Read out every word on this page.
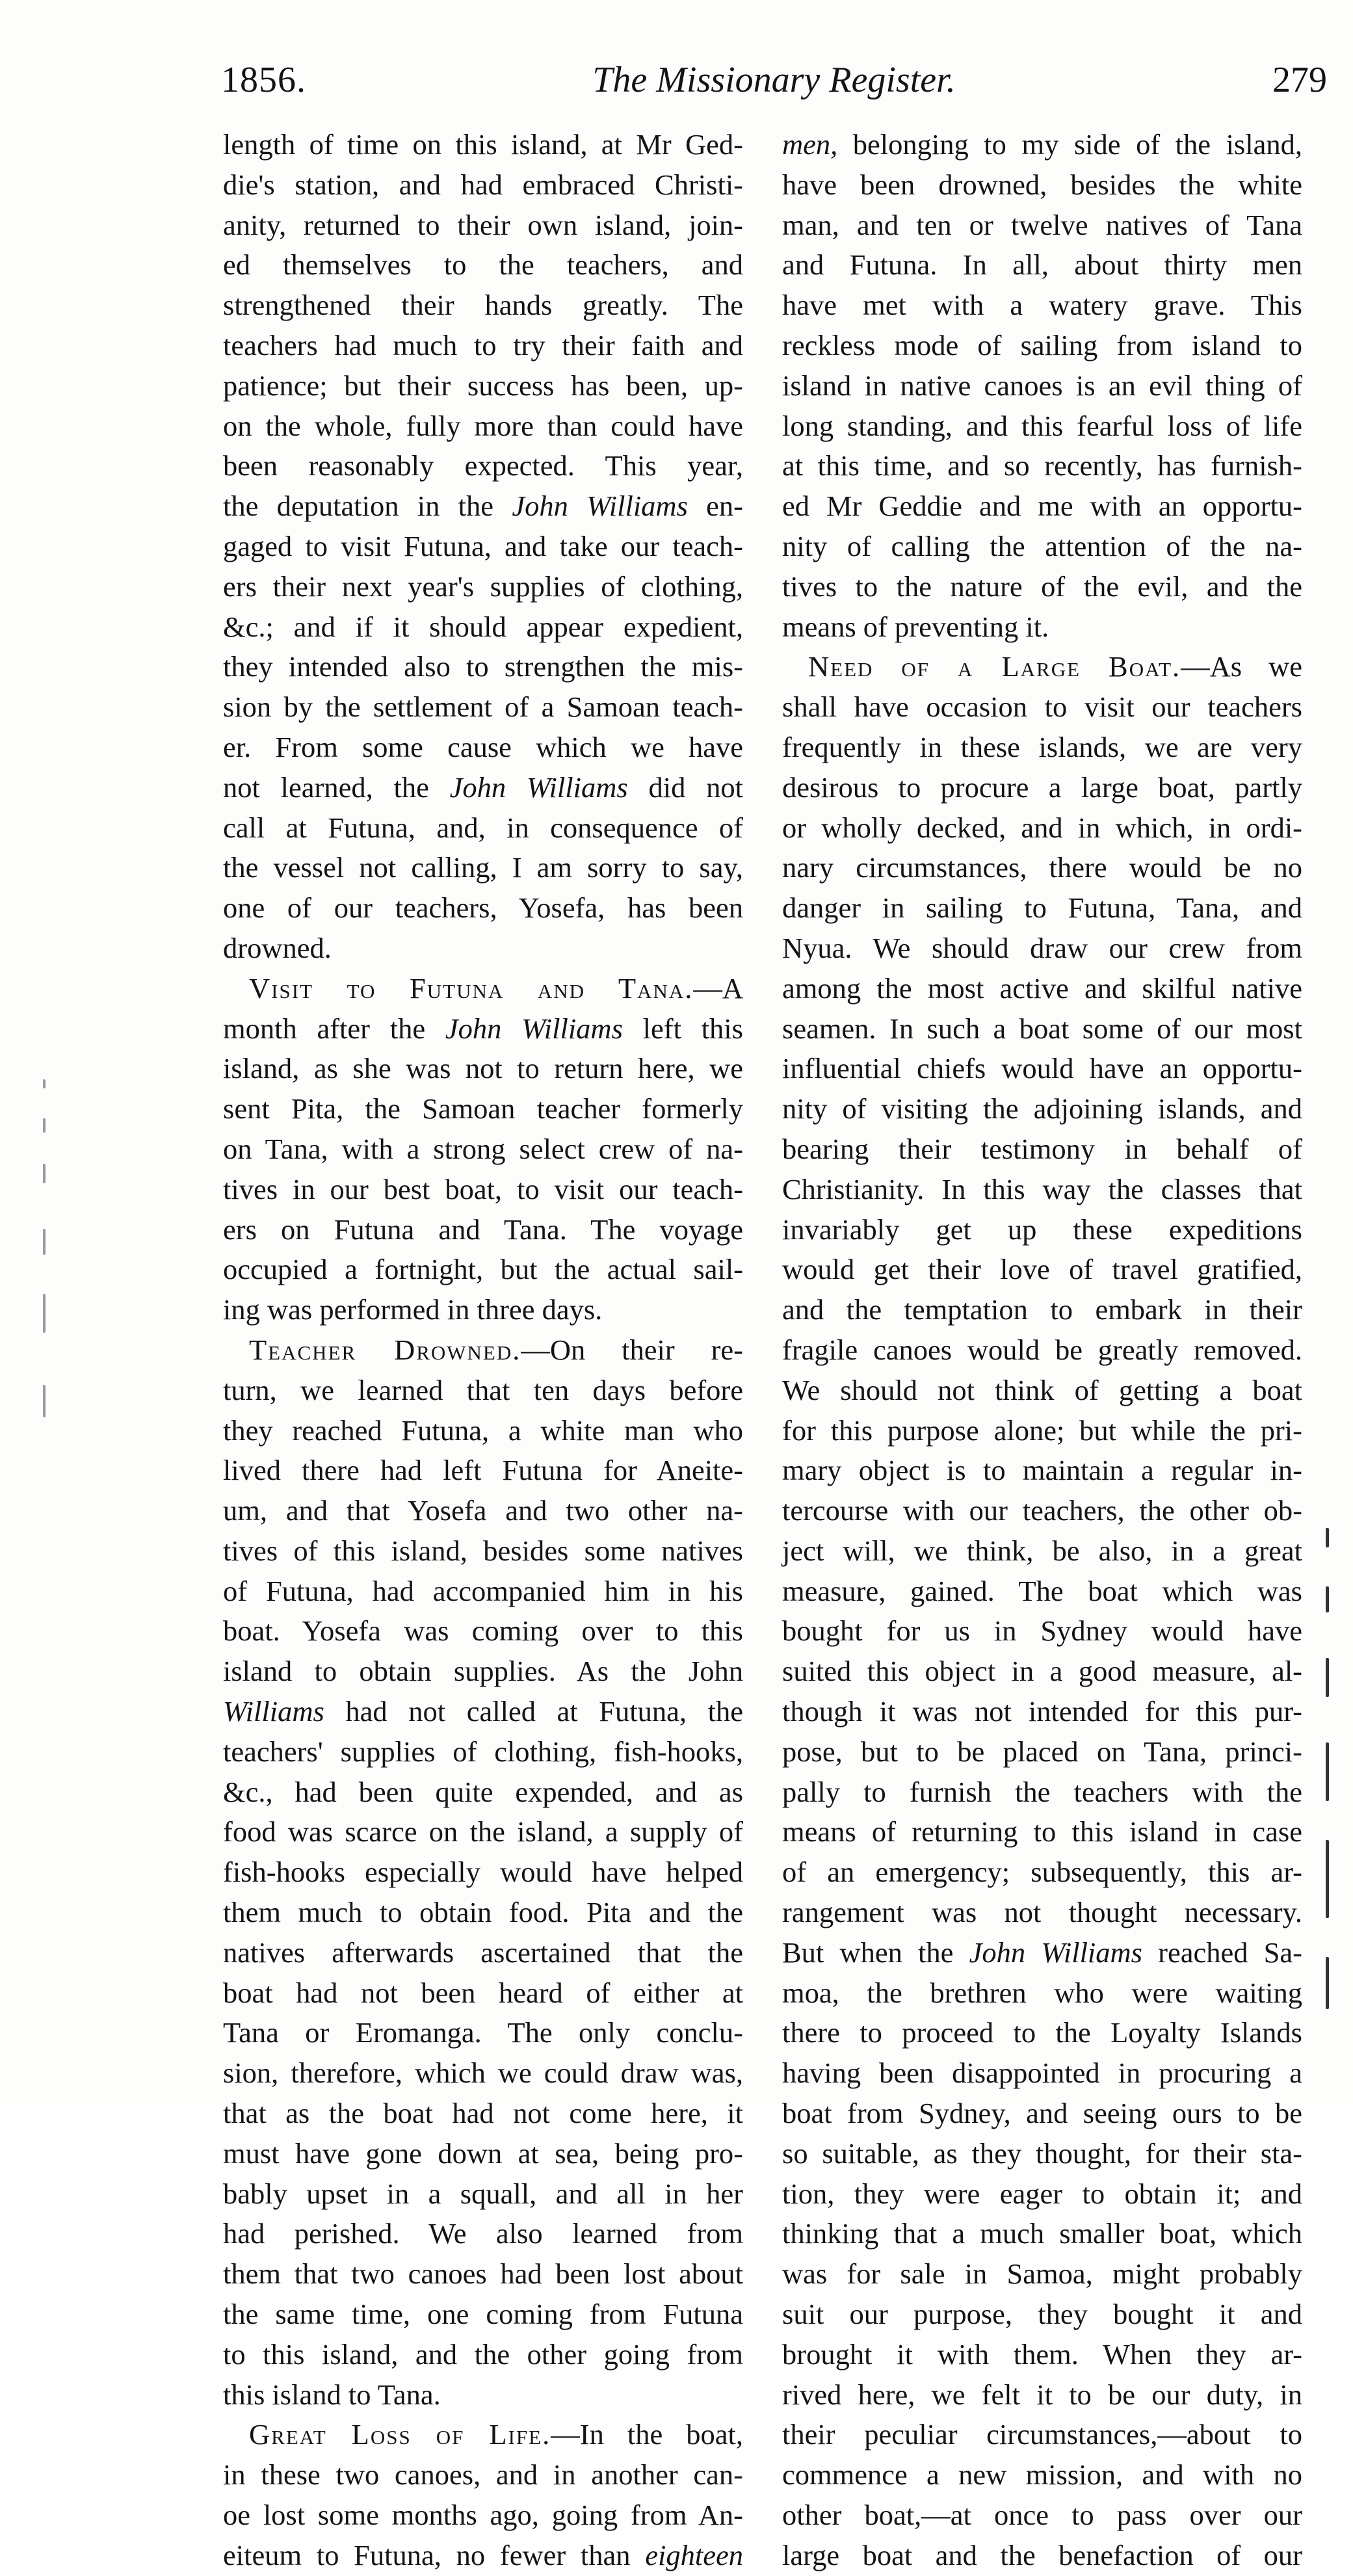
1856.	The Missionary Register.	279
length of time on this island, at Mr Ged-
die's station, and had embraced Christi-
anity, returned to their own island, join-
ed themselves to the teachers, and
strengthened their hands greatly. The
teachers had much to try their faith and
patience; but their success has been, up-
on the whole, fully more than could have
been reasonably expected. This year,
the deputation in the John Williams en-
gaged to visit Futuna, and take our teach-
ers their next year's supplies of clothing,
&c.; and if it should appear expedient,
they intended also to strengthen the mis-
sion by the settlement of a Samoan teach-
er. From some cause which we have
not learned, the John Williams did not
call at Futuna, and, in consequence of
the vessel not calling, I am sorry to say,
one of our teachers, Yosefa, has been
drowned.
Visit to Futuna and Tana.—A
month after the John Williams left this
island, as she was not to return here, we
sent Pita, the Samoan teacher formerly
on Tana, with a strong select crew of na-
tives in our best boat, to visit our teach-
ers on Futuna and Tana. The voyage
occupied a fortnight, but the actual sail-
ing was performed in three days.
Teacher Drowned.—On their re-
turn, we learned that ten days before
they reached Futuna, a white man who
lived there had left Futuna for Aneite-
um, and that Yosefa and two other na-
tives of this island, besides some natives
of Futuna, had accompanied him in his
boat. Yosefa was coming over to this
island to obtain supplies. As the John
Williams had not called at Futuna, the
teachers' supplies of clothing, fish-hooks,
&c., had been quite expended, and as
food was scarce on the island, a supply of
fish-hooks especially would have helped
them much to obtain food. Pita and the
natives afterwards ascertained that the
boat had not been heard of either at
Tana or Eromanga. The only conclu-
sion, therefore, which we could draw was,
that as the boat had not come here, it
must have gone down at sea, being pro-
bably upset in a squall, and all in her
had perished. We also learned from
them that two canoes had been lost about
the same time, one coming from Futuna
to this island, and the other going from
this island to Tana.
Great Loss of Life.—In the boat,
in these two canoes, and in another can-
oe lost some months ago, going from An-
eiteum to Futuna, no fewer than eighteen
men, belonging to my side of the island,
have been drowned, besides the white
man, and ten or twelve natives of Tana
and Futuna. In all, about thirty men
have met with a watery grave. This
reckless mode of sailing from island to
island in native canoes is an evil thing of
long standing, and this fearful loss of life
at this time, and so recently, has furnish-
ed Mr Geddie and me with an opportu-
nity of calling the attention of the na-
tives to the nature of the evil, and the
means of preventing it.
Need of a Large Boat.—As we
shall have occasion to visit our teachers
frequently in these islands, we are very
desirous to procure a large boat, partly
or wholly decked, and in which, in ordi-
nary circumstances, there would be no
danger in sailing to Futuna, Tana, and
Nyua. We should draw our crew from
among the most active and skilful native
seamen. In such a boat some of our most
influential chiefs would have an opportu-
nity of visiting the adjoining islands, and
bearing their testimony in behalf of
Christianity. In this way the classes that
invariably get up these expeditions
would get their love of travel gratified,
and the temptation to embark in their
fragile canoes would be greatly removed.
We should not think of getting a boat
for this purpose alone; but while the pri-
mary object is to maintain a regular in-
tercourse with our teachers, the other ob-
ject will, we think, be also, in a great
measure, gained. The boat which was
bought for us in Sydney would have
suited this object in a good measure, al-
though it was not intended for this pur-
pose, but to be placed on Tana, princi-
pally to furnish the teachers with the
means of returning to this island in case
of an emergency; subsequently, this ar-
rangement was not thought necessary.
But when the John Williams reached Sa-
moa, the brethren who were waiting
there to proceed to the Loyalty Islands
having been disappointed in procuring a
boat from Sydney, and seeing ours to be
so suitable, as they thought, for their sta-
tion, they were eager to obtain it; and
thinking that a much smaller boat, which
was for sale in Samoa, might probably
suit our purpose, they bought it and
brought it with them. When they ar-
rived here, we felt it to be our duty, in
their peculiar circumstances,—about to
commence a new mission, and with no
other boat,—at once to pass over our
large boat and the benefaction of our
